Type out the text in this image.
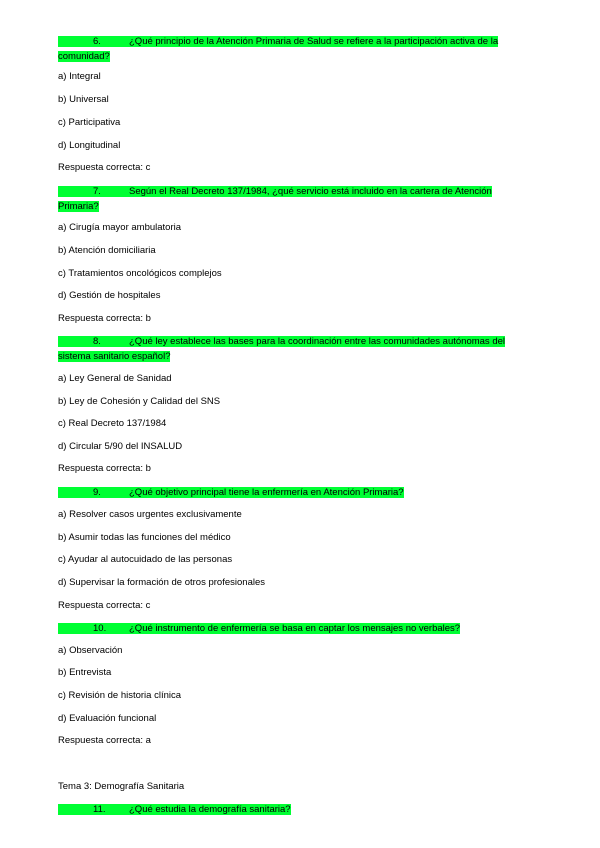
6.	¿Qué principio de la Atención Primaria de Salud se refiere a la participación activa de la comunidad?
a) Integral
b) Universal
c) Participativa
d) Longitudinal
Respuesta correcta: c
7.	Según el Real Decreto 137/1984, ¿qué servicio está incluido en la cartera de Atención Primaria?
a) Cirugía mayor ambulatoria
b) Atención domiciliaria
c) Tratamientos oncológicos complejos
d) Gestión de hospitales
Respuesta correcta: b
8.	¿Qué ley establece las bases para la coordinación entre las comunidades autónomas del sistema sanitario español?
a) Ley General de Sanidad
b) Ley de Cohesión y Calidad del SNS
c) Real Decreto 137/1984
d) Circular 5/90 del INSALUD
Respuesta correcta: b
9.	¿Qué objetivo principal tiene la enfermería en Atención Primaria?
a) Resolver casos urgentes exclusivamente
b) Asumir todas las funciones del médico
c) Ayudar al autocuidado de las personas
d) Supervisar la formación de otros profesionales
Respuesta correcta: c
10. ¿Qué instrumento de enfermería se basa en captar los mensajes no verbales?
a) Observación
b) Entrevista
c) Revisión de historia clínica
d) Evaluación funcional
Respuesta correcta: a
Tema 3: Demografía Sanitaria
11. ¿Qué estudia la demografía sanitaria?
